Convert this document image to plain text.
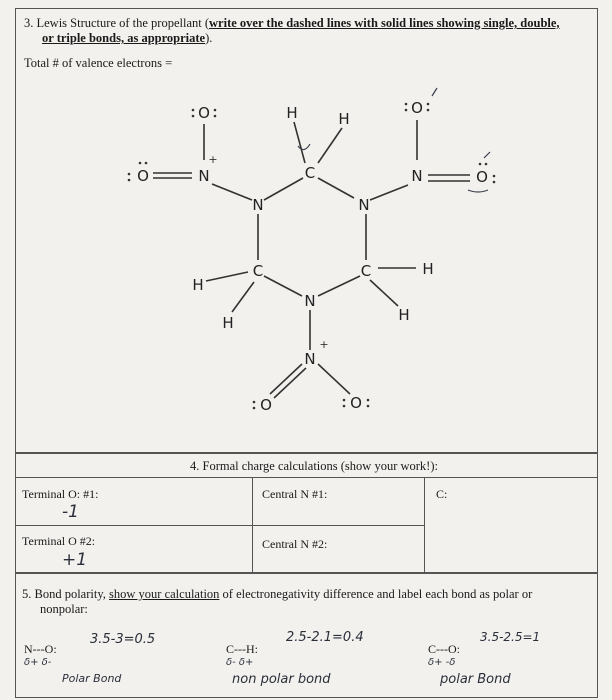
3. Lewis Structure of the propellant (write over the dashed lines with solid lines showing single, double,
or triple bonds, as appropriate).
Total # of valence electrons =
O
O	N
H	H
C
O
N	O
N	N
C	C
H
H
H	H
N
N
O	O
+
+
4. Formal charge calculations (show your work!):
Terminal O: #1:
-1
Central N #1:	C:
Terminal O #2:
+1
Central N #2:
5. Bond polarity, show your calculation of electronegativity difference and label each bond as polar or
nonpolar:
N---O:
δ+ δ-
3.5-3=0.5
Polar Bond
C---H:
δ- δ+
2.5-2.1=0.4
non polar bond
C---O:
δ+ -δ
3.5-2.5=1
polar Bond
